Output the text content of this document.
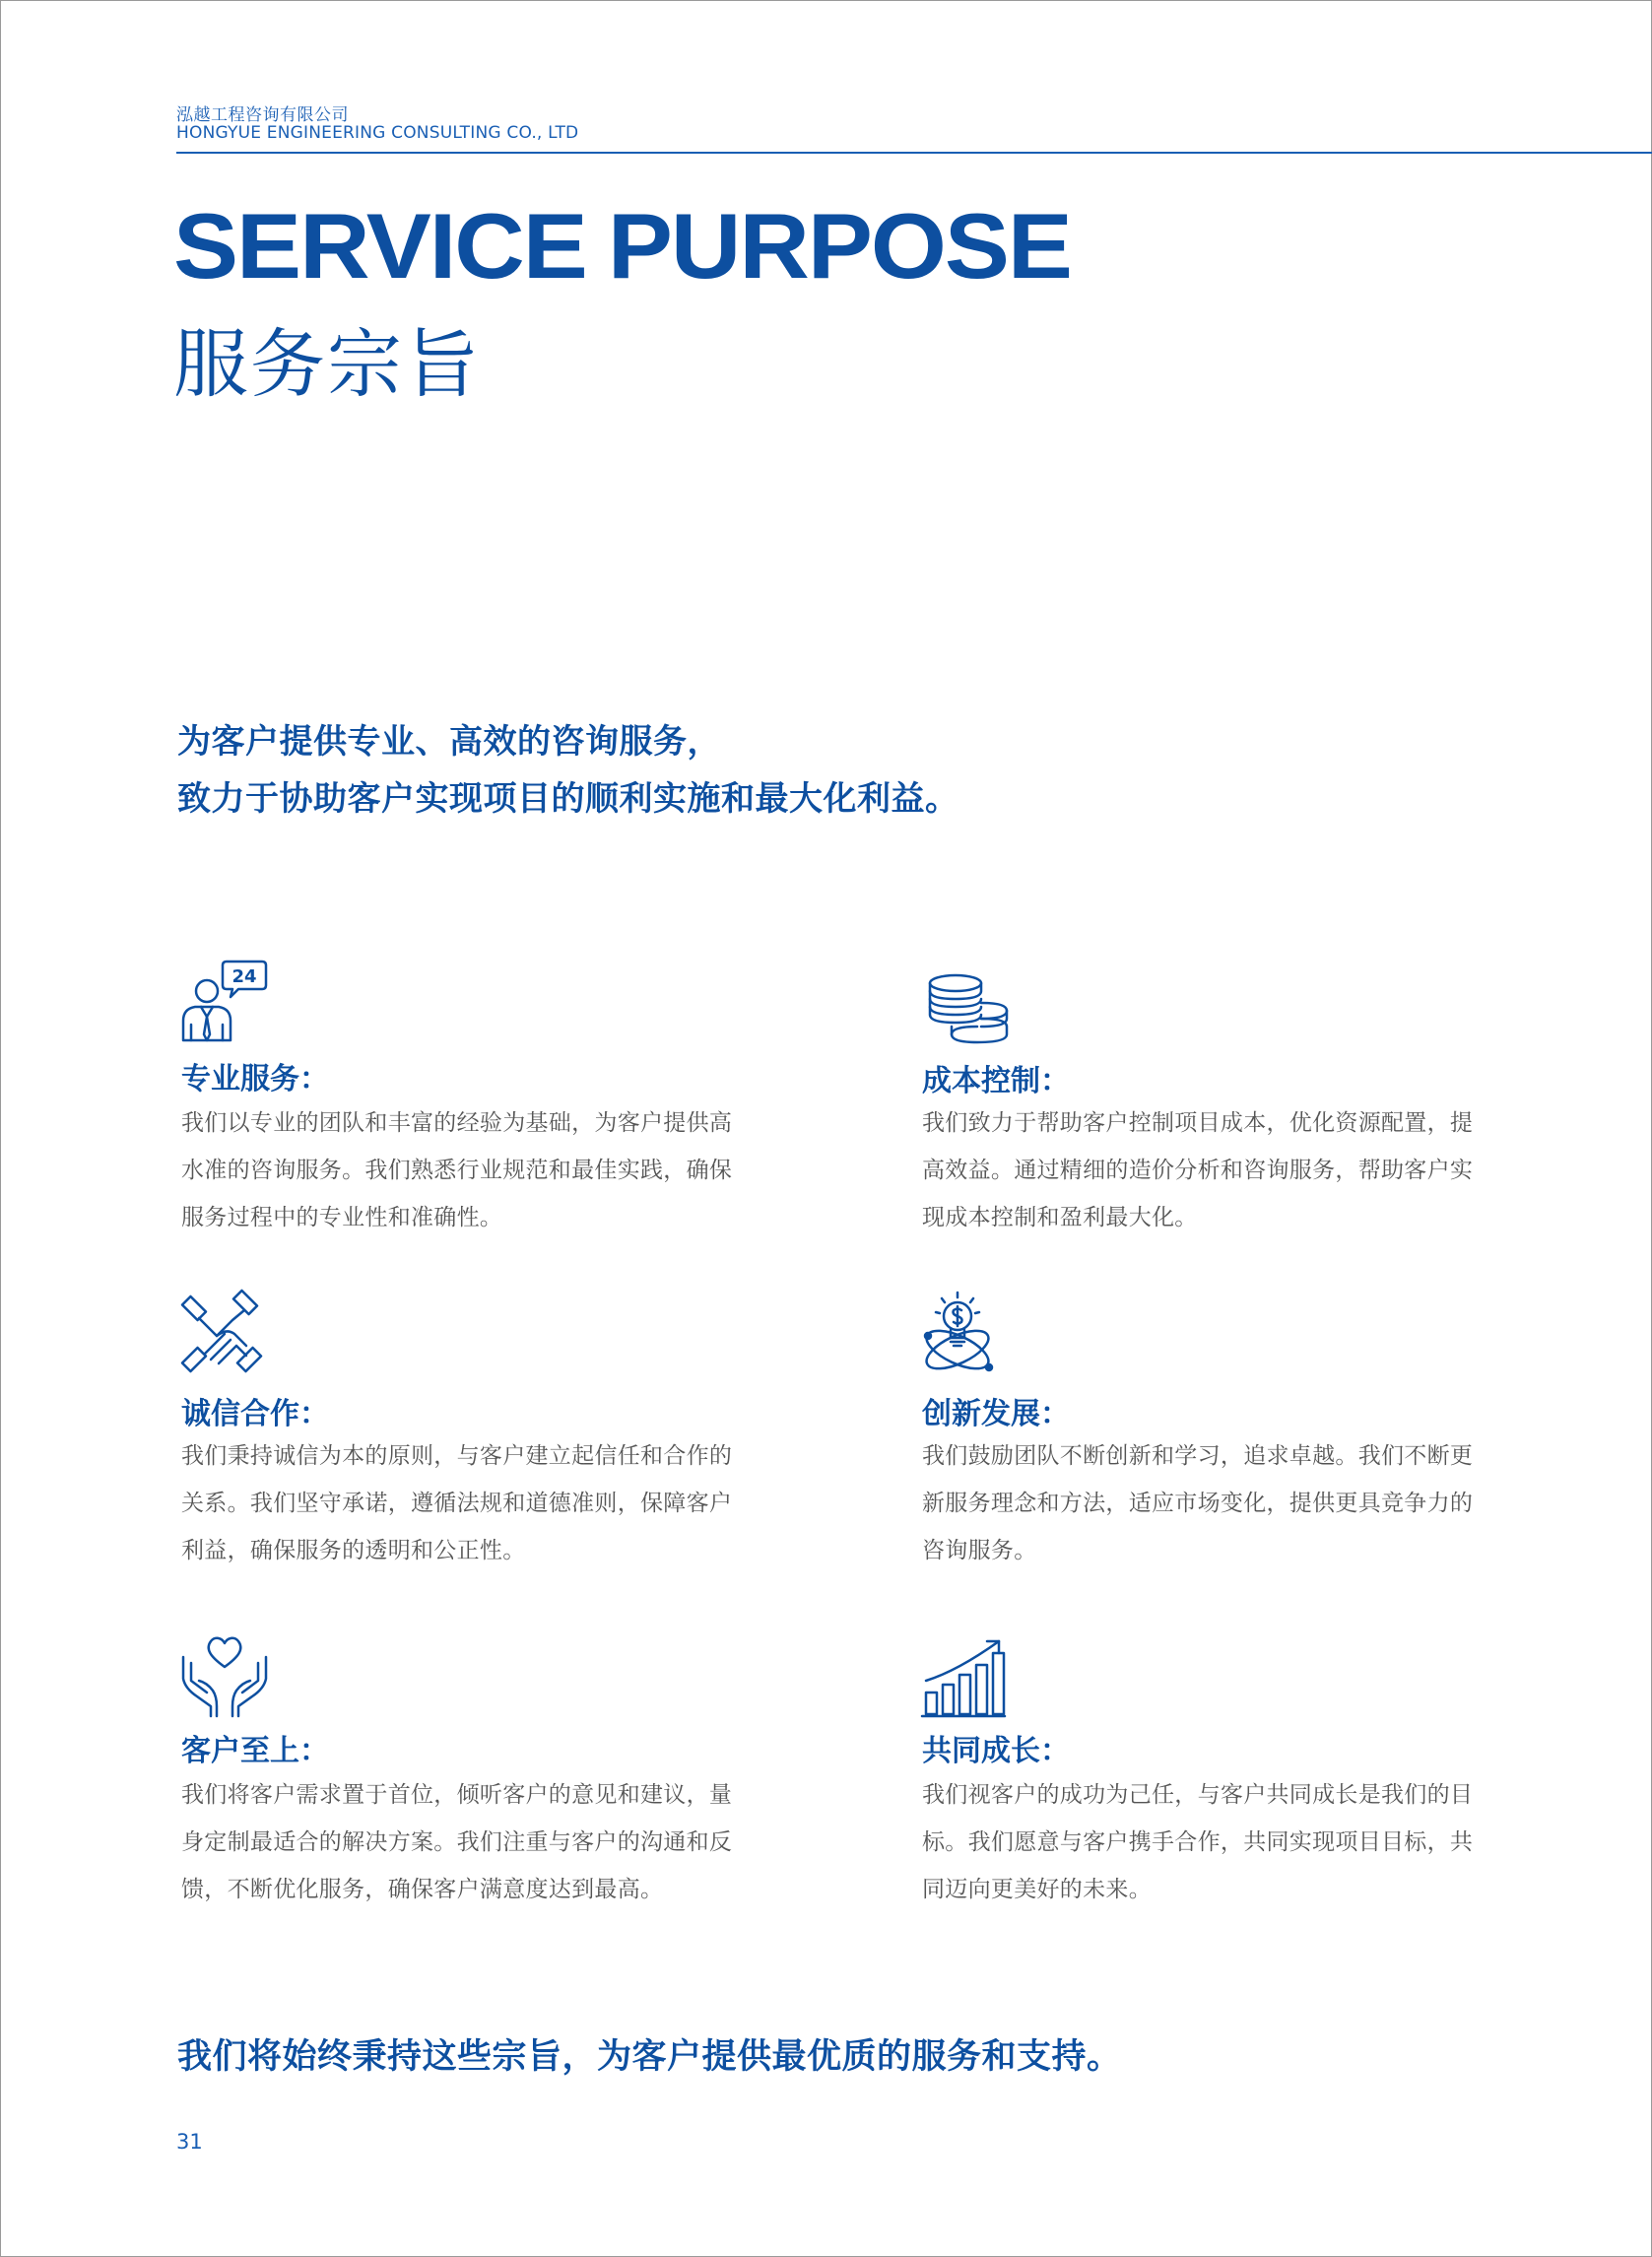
泓越工程咨询有限公司
HONGYUE ENGINEERING CONSULTING CO., LTD
SERVICE PURPOSE
服务宗旨
为客户提供专业、高效的咨询服务，
致力于协助客户实现项目的顺利实施和最大化利益。
24
专业服务：
我们以专业的团队和丰富的经验为基础，为客户提供高
水准的咨询服务。我们熟悉行业规范和最佳实践，确保
服务过程中的专业性和准确性。
成本控制：
我们致力于帮助客户控制项目成本，优化资源配置，提
高效益。通过精细的造价分析和咨询服务，帮助客户实
现成本控制和盈利最大化。
诚信合作：
我们秉持诚信为本的原则，与客户建立起信任和合作的
关系。我们坚守承诺，遵循法规和道德准则，保障客户
利益，确保服务的透明和公正性。
创新发展：
我们鼓励团队不断创新和学习，追求卓越。我们不断更
新服务理念和方法，适应市场变化，提供更具竞争力的
咨询服务。
客户至上：
我们将客户需求置于首位，倾听客户的意见和建议，量
身定制最适合的解决方案。我们注重与客户的沟通和反
馈，不断优化服务，确保客户满意度达到最高。
共同成长：
我们视客户的成功为己任，与客户共同成长是我们的目
标。我们愿意与客户携手合作，共同实现项目目标，共
同迈向更美好的未来。
我们将始终秉持这些宗旨，为客户提供最优质的服务和支持。
31
